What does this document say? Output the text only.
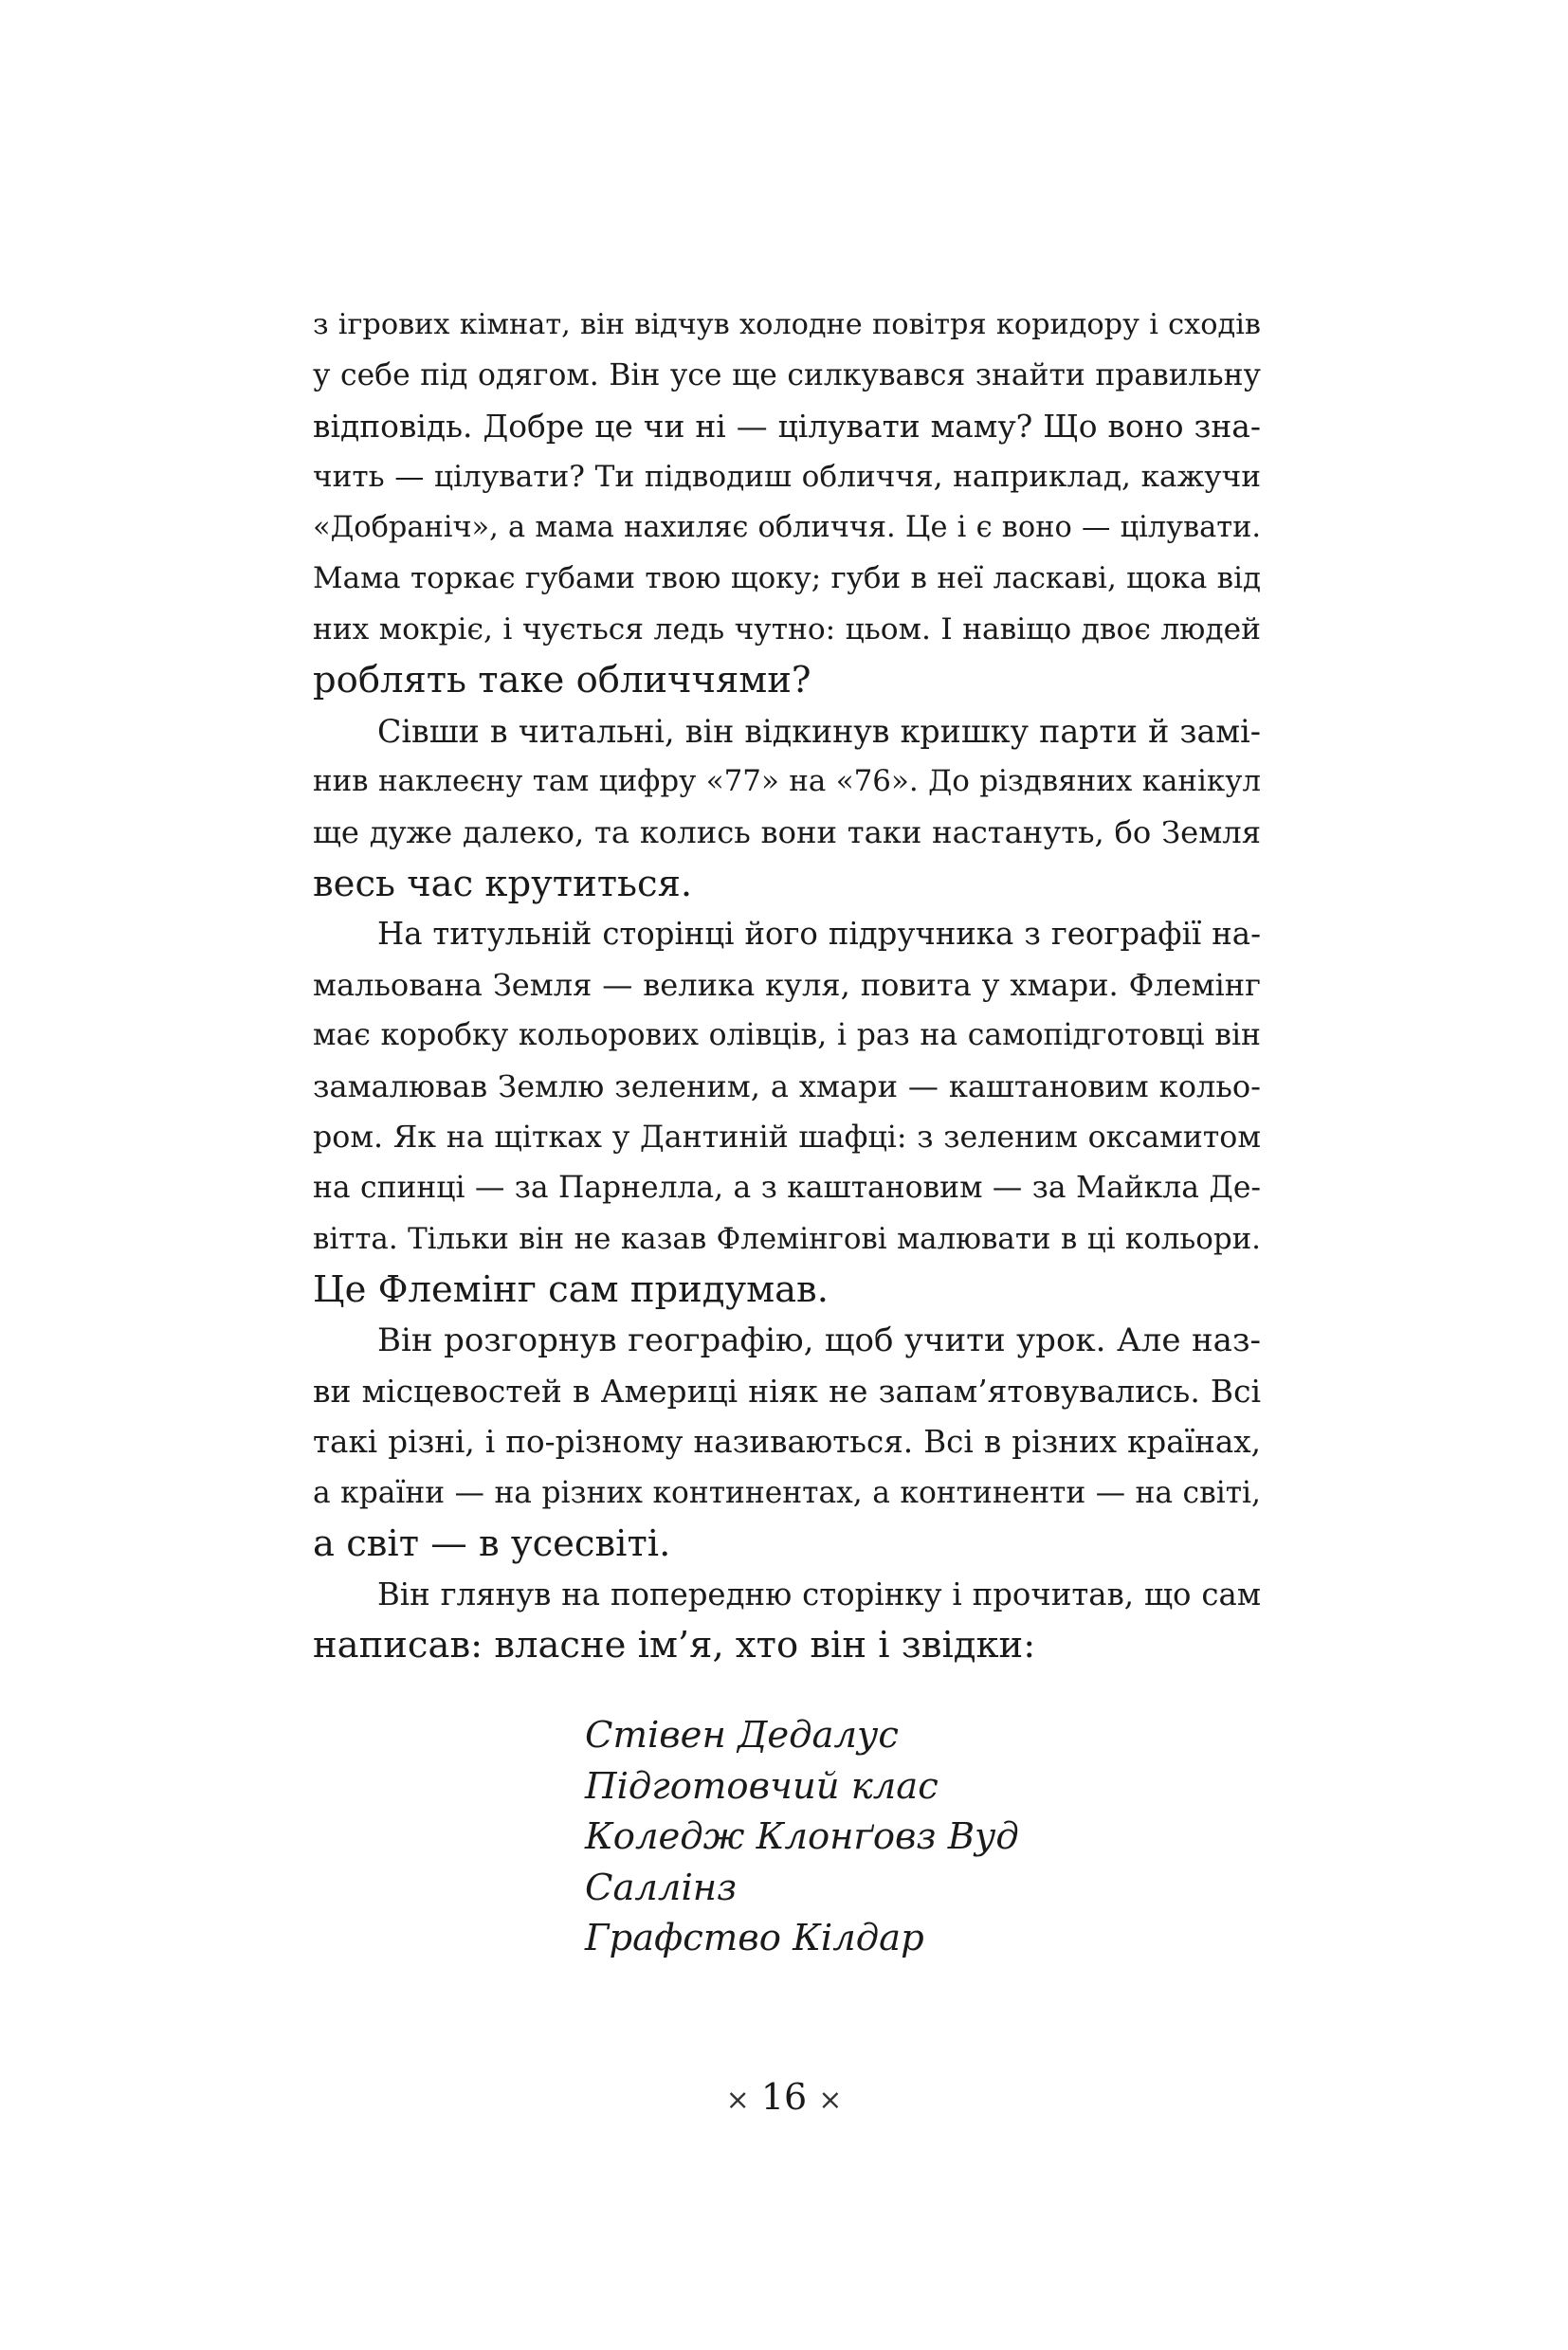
з ігрових кімнат, він відчув холодне повітря коридору і сходів
у себе під одягом. Він усе ще силкувався знайти правильну
відповідь. Добре це чи ні — цілувати маму? Що воно зна-
чить — цілувати? Ти підводиш обличчя, наприклад, кажучи
«Добраніч», а мама нахиляє обличчя. Це і є воно — цілувати.
Мама торкає губами твою щоку; губи в неї ласкаві, щока від
них мокріє, і чується ледь чутно: цьом. І навіщо двоє людей
роблять таке обличчями?
Сівши в читальні, він відкинув кришку парти й замі-
нив наклеєну там цифру «77» на «76». До різдвяних канікул
ще дуже далеко, та колись вони таки настануть, бо Земля
весь час крутиться.
На титульній сторінці його підручника з географії на-
мальована Земля — велика куля, повита у хмари. Флемінг
має коробку кольорових олівців, і раз на самопідготовці він
замалював Землю зеленим, а хмари — каштановим кольо-
ром. Як на щітках у Дантиній шафці: з зеленим оксамитом
на спинці — за Парнелла, а з каштановим — за Майкла Де-
вітта. Тільки він не казав Флемінгові малювати в ці кольори.
Це Флемінг сам придумав.
Він розгорнув географію, щоб учити урок. Але наз-
ви місцевостей в Америці ніяк не запам’ятовувались. Всі
такі різні, і по-різному називаються. Всі в різних країнах,
а країни — на різних континентах, а континенти — на світі,
а світ — в усесвіті.
Він глянув на попередню сторінку і прочитав, що сам
написав: власне ім’я, хто він і звідки:
Стівен Дедалус
Підготовчий клас
Коледж Клонґовз Вуд
Саллінз
Графство Кілдар
× 16 ×
